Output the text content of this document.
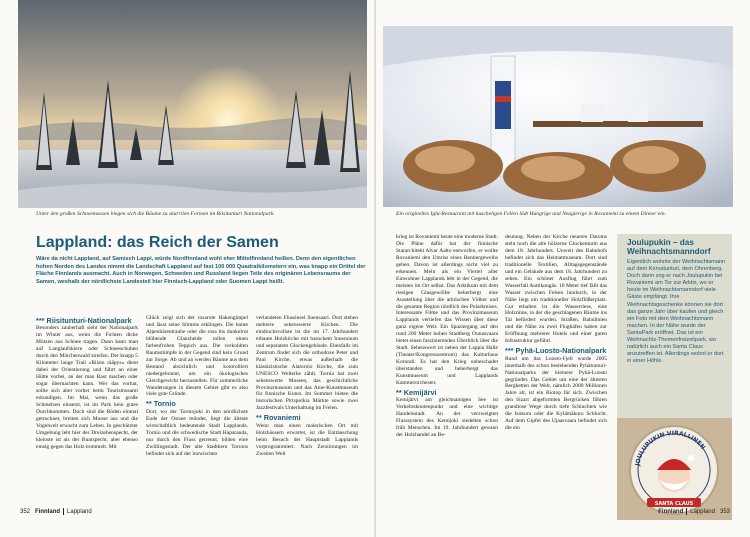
Unter den großen Schneemassen biegen sich die Bäume zu skurrilen Formen im Riisitunturi Nationalpark.	Ein originelles Iglu-Restaurant mit kuscheligen Fellen lädt Hungrige und Neugierige in Rovaniemi zu einem Dinner ein.
Lappland: das Reich der Samen
Wäre da nicht Lappland, auf Samisch Lappi, würde Nordfinnland wohl eher Mittelfinnland heißen. Denn den eigentlichen hohen Norden des Landes nimmt die Landschaft Lappland auf fast 100 000 Quadratkilometern ein, was knapp ein Drittel der Fläche Finnlands ausmacht. Auch in Norwegen, Schweden und Russland liegen Teile des originären Lebensraums der Samen, weshalb der nördlichste Landesteil hier Finnisch-Lappland oder Suomen Lappi heißt.

*** Riisitunturi-Nationalpark

Besonders zauberhaft sieht der Nationalpark im Winter aus, wenn die Fichten dicke Mützen aus Schnee tragen. Dann kann man auf Langlaufskiern oder Schneeschuhen durch den Märchenwald streifen. Der knapp 5 Kilometer lange Trail »Riisin rääpys« dient dabei der Orientierung und führt an einer Hütte vorbei, an der man Rast machen oder sogar übernachten kann. Wer das vorhat, sollte sich aber vorher beim Tourismusamt erkundigen. Im Mai, wenn das große Schmelzen einsetzt, ist im Park kein gutes Durchkommen. Doch sind die Böden einmal getrocknet, breiten sich Moose aus und die Vogelwelt erwacht zum Leben. In geschützter Umgebung lebt hier der Dreizehenspecht, der kleinste ist als der Buntspecht, aber ebenso emsig gegen das Holz trommelt. Mit

Glück zeigt sich der rosarote Hakengimpel und lässt seine Stimme erklingen. Die bunte Alpenbärentraube oder die rosa bis dunkelrot blühende Glanzheide rollen einen farbenfrohen Teppich aus. Die verkohlten Baumstümpfe in der Gegend sind kein Grund zur Sorge. Ab und an werden Bäume aus dem Bestand absichtlich und kontrolliert niedergebrannt, um ein ökologisches Gleichgewicht herzustellen. Für sommerliche Wanderungen in diesem Gebiet gibt es also viele gute Gründe.

** Tornio

Dort, wo der Torniojoki in den nördlichste Ende der Ostsee mündet, liegt die älteste wirtschaftlich bedeutende Stadt Lapplands. Tornio und die schwedische Stadt Haparanda, nur durch den Fluss getrennt, bilden eine Zwillingsstadt. Der alte Stadtkern Tornios befindet sich auf der inzwischen

verlandeten Flussinsel Suensaari. Dort stehen mehrere sehenswerte Kirchen. Die eindrucksvollste ist die im 17. Jahrhundert erbaute Holzkirche mit barockem Innenraum und separatem Glockengebäude. Ebenfalls im Zentrum findet sich die orthodoxe Peter und Paul Kirche, etwas außerhalb die klassizistische Alatornio Kirche, die zum UNESCO Welterbe zählt. Tornio hat zwei sehenswerte Museen, das geschichtliche Provinzmuseum und das Aine-Kunstmuseum für finnische Kunst. Im Sommer bieten die historischen Pirtspolkia Märkte sowie zwei Jazzfestivals Unterhaltung im Freien.

** Rovaniemi

Wenn man einen malerischen Ort mit Holzhäusern erwartet, ist die Enttäuschung beim Besuch der Hauptstadt Lapplands vorprogrammiert. Nach Zerstörungen im Zweiten Welt

krieg ist Rovaniemi heute eine moderne Stadt. Die Pläne dafür hat der finnische Stararchitekt Alvar Aalto entworfen, er wollte Rovaniemi den Umriss eines Rentiergeweihs geben. Davon ist allerdings nicht viel zu erkennen. Mehr als ein Viertel aller Einwohner Lapplands lebt in der Gegend, die meisten im Ort selbst. Das Arktikum mit dem riesigen Glasgewölbe beherbergt eine Ausstellung über die arktischen Völker und die gesamte Region nördlich des Polarkreises. Interessante Filme und das Provinzmuseum Lapplands vertiefen das Wissen über diese ganz eigene Welt. Ein Spaziergang auf den rund 200 Meter hohen Stadtberg Ounasvaara bietet einen faszinierenden Überblick über die Stadt. Sehenswert ist neben der Lappia Halle (Theater/Kongresszentrum) das Kulturhaus Korundi. Es hat den Krieg unbeschadet überstanden und beherbergt das Kunstmuseum und Lapplands Kammerorchester.

** Kemijärvi

Kemijärvi am gleichnamigen See ist Verkehrsknotenpunkt und eine wichtige Handelsstadt. An der verzweigten Flusssystem des Kemijoki siedelten schon früh Menschen. Im 19. Jahrhundert gewann der Holzhandel an Be-

deutung. Neben der Kirche neueren Datums steht noch die alte hölzerne Glockenturm aus dem 18. Jahrhundert. Unweit des Bahnhofs befindet sich das Heimatmuseum. Dort sind traditionelle Textilien, Alltagsgegenstände und ein Gebäude aus dem 18. Jahrhundert zu sehen. Ein schöner Ausflug führt zum Wasserfall Auttikongäs. 16 Meter tief fällt das Wasser zwischen Felsen hindurch, in der Nähe liegt ein traditioneller Holzflößerplatz. Gut erhalten ist die Wasserriese, eine Holzrinne, in der die geschlagenen Bäume ins Tal befördert wurden. Straßen, Bahnlinien und die Nähe zu zwei Flughäfen haben zur Eröffnung mehrerer Hotels und einer guten Infrastruktur geführt.

*** Pyhä-Luosto-Nationalpark

Rund um das Luosto-Fjell wurde 2005 innerhalb des schon bestehenden Pyhätunturi-Nationalparks der kleinere Pyhä-Luosto gegründet. Das Gebiet um eine der ältesten Bergketten der Welt, nämlich 2000 Millionen Jahre alt, ist ein Biotop für sich. Zwischen den bizarr abgeformten Bergrücken führen grandiose Wege durch tiefe Schluchten wie die Isokuru oder die Kylämäkuru Schlucht. Auf dem Gipfel des Ujaasvaara befindet sich die ein

Joulupukin – das Weihnachtsmanndorf
Eigentlich wohnte der Weihnachtsmann auf dem Korvatunturi, dem Ohrenberg. Doch dann zog er nach Joulupukin bei Rovaniemi am Tor zur Arktis, wo er heute im Weihnachtsmanndorf viele Gäste empfängt. Ihre Weihnachtsgeschenke können sie dort das ganze Jahr über kaufen und gleich ein Foto mit dem Weihnachtsmann machen. In der Nähe wurde der SantaPark eröffnet. Das ist ein Weihnachts-Themenfreizeitpark, wo natürlich auch ein Santa Claus anzutreffen ist. Allerdings wohnt er dort in einer Höhle.
JOULUPUKIN VIRALLINEN
SANTA CLAUS
352 Finnland Lappland	Finnland Lappland 353
